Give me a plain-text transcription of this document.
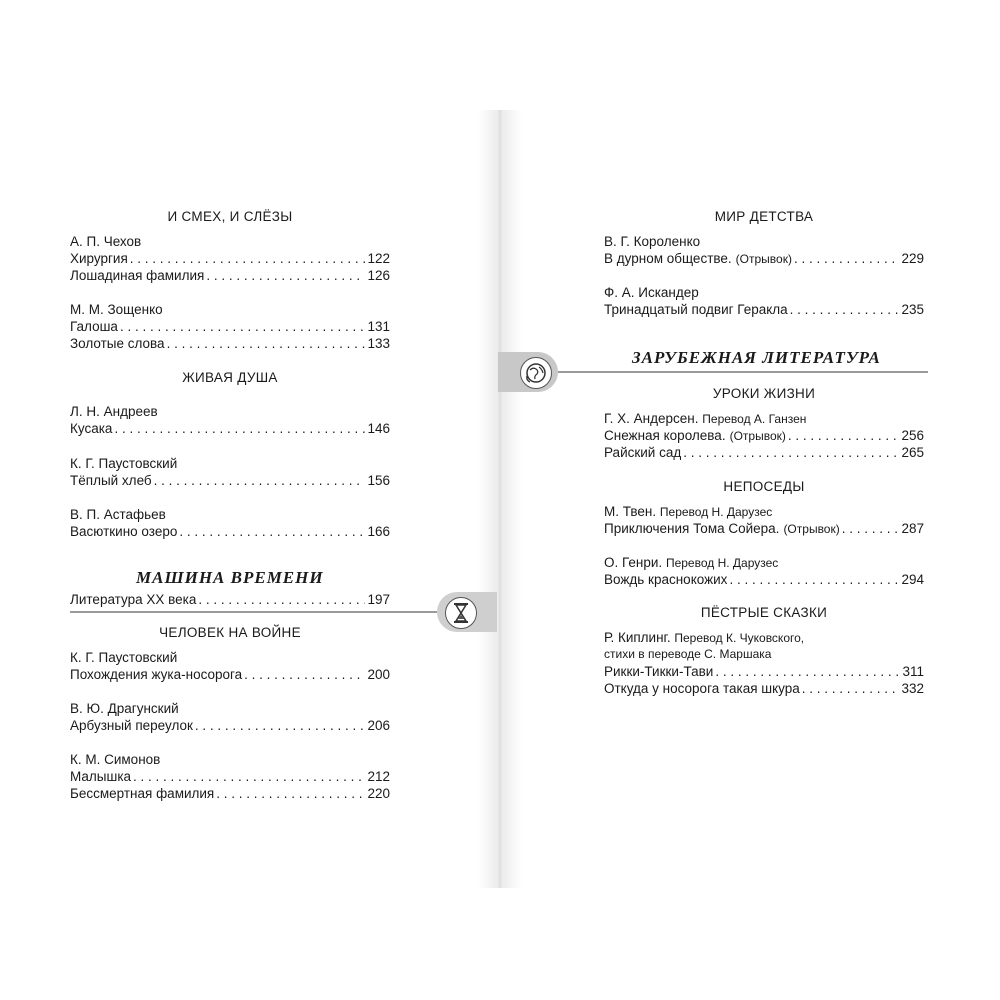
И СМЕХ, И СЛЁЗЫ
А. П. Чехов
Хирургия . . .	122
Лошадиная фамилия . . .	126
М. М. Зощенко
Галоша . . .	131
Золотые слова . . .	133
ЖИВАЯ ДУША
Л. Н. Андреев
Кусака . . .	146
К. Г. Паустовский
Тёплый хлеб . . .	156
В. П. Астафьев
Васюткино озеро . . .	166
МАШИНА ВРЕМЕНИ
Литература XX века . . .	197
ЧЕЛОВЕК НА ВОЙНЕ
К. Г. Паустовский
Похождения жука-носорога . . .	200
В. Ю. Драгунский
Арбузный переулок . . .	206
К. М. Симонов
Малышка . . .	212
Бессмертная фамилия . . .	220
МИР ДЕТСТВА
В. Г. Короленко
В дурном обществе. (Отрывок) . . .	229
Ф. А. Искандер
Тринадцатый подвиг Геракла . . .	235
ЗАРУБЕЖНАЯ ЛИТЕРАТУРА
УРОКИ ЖИЗНИ
Г. Х. Андерсен. Перевод А. Ганзен
Снежная королева. (Отрывок) . . .	256
Райский сад . . .	265
НЕПОСЕДЫ
М. Твен. Перевод Н. Дарузес
Приключения Тома Сойера. (Отрывок) . . .	287
О. Генри. Перевод Н. Дарузес
Вождь краснокожих . . .	294
ПЁСТРЫЕ СКАЗКИ
Р. Киплинг. Перевод К. Чуковского,
стихи в переводе С. Маршака
Рикки-Тикки-Тави . . .	311
Откуда у носорога такая шкура . . .	332
